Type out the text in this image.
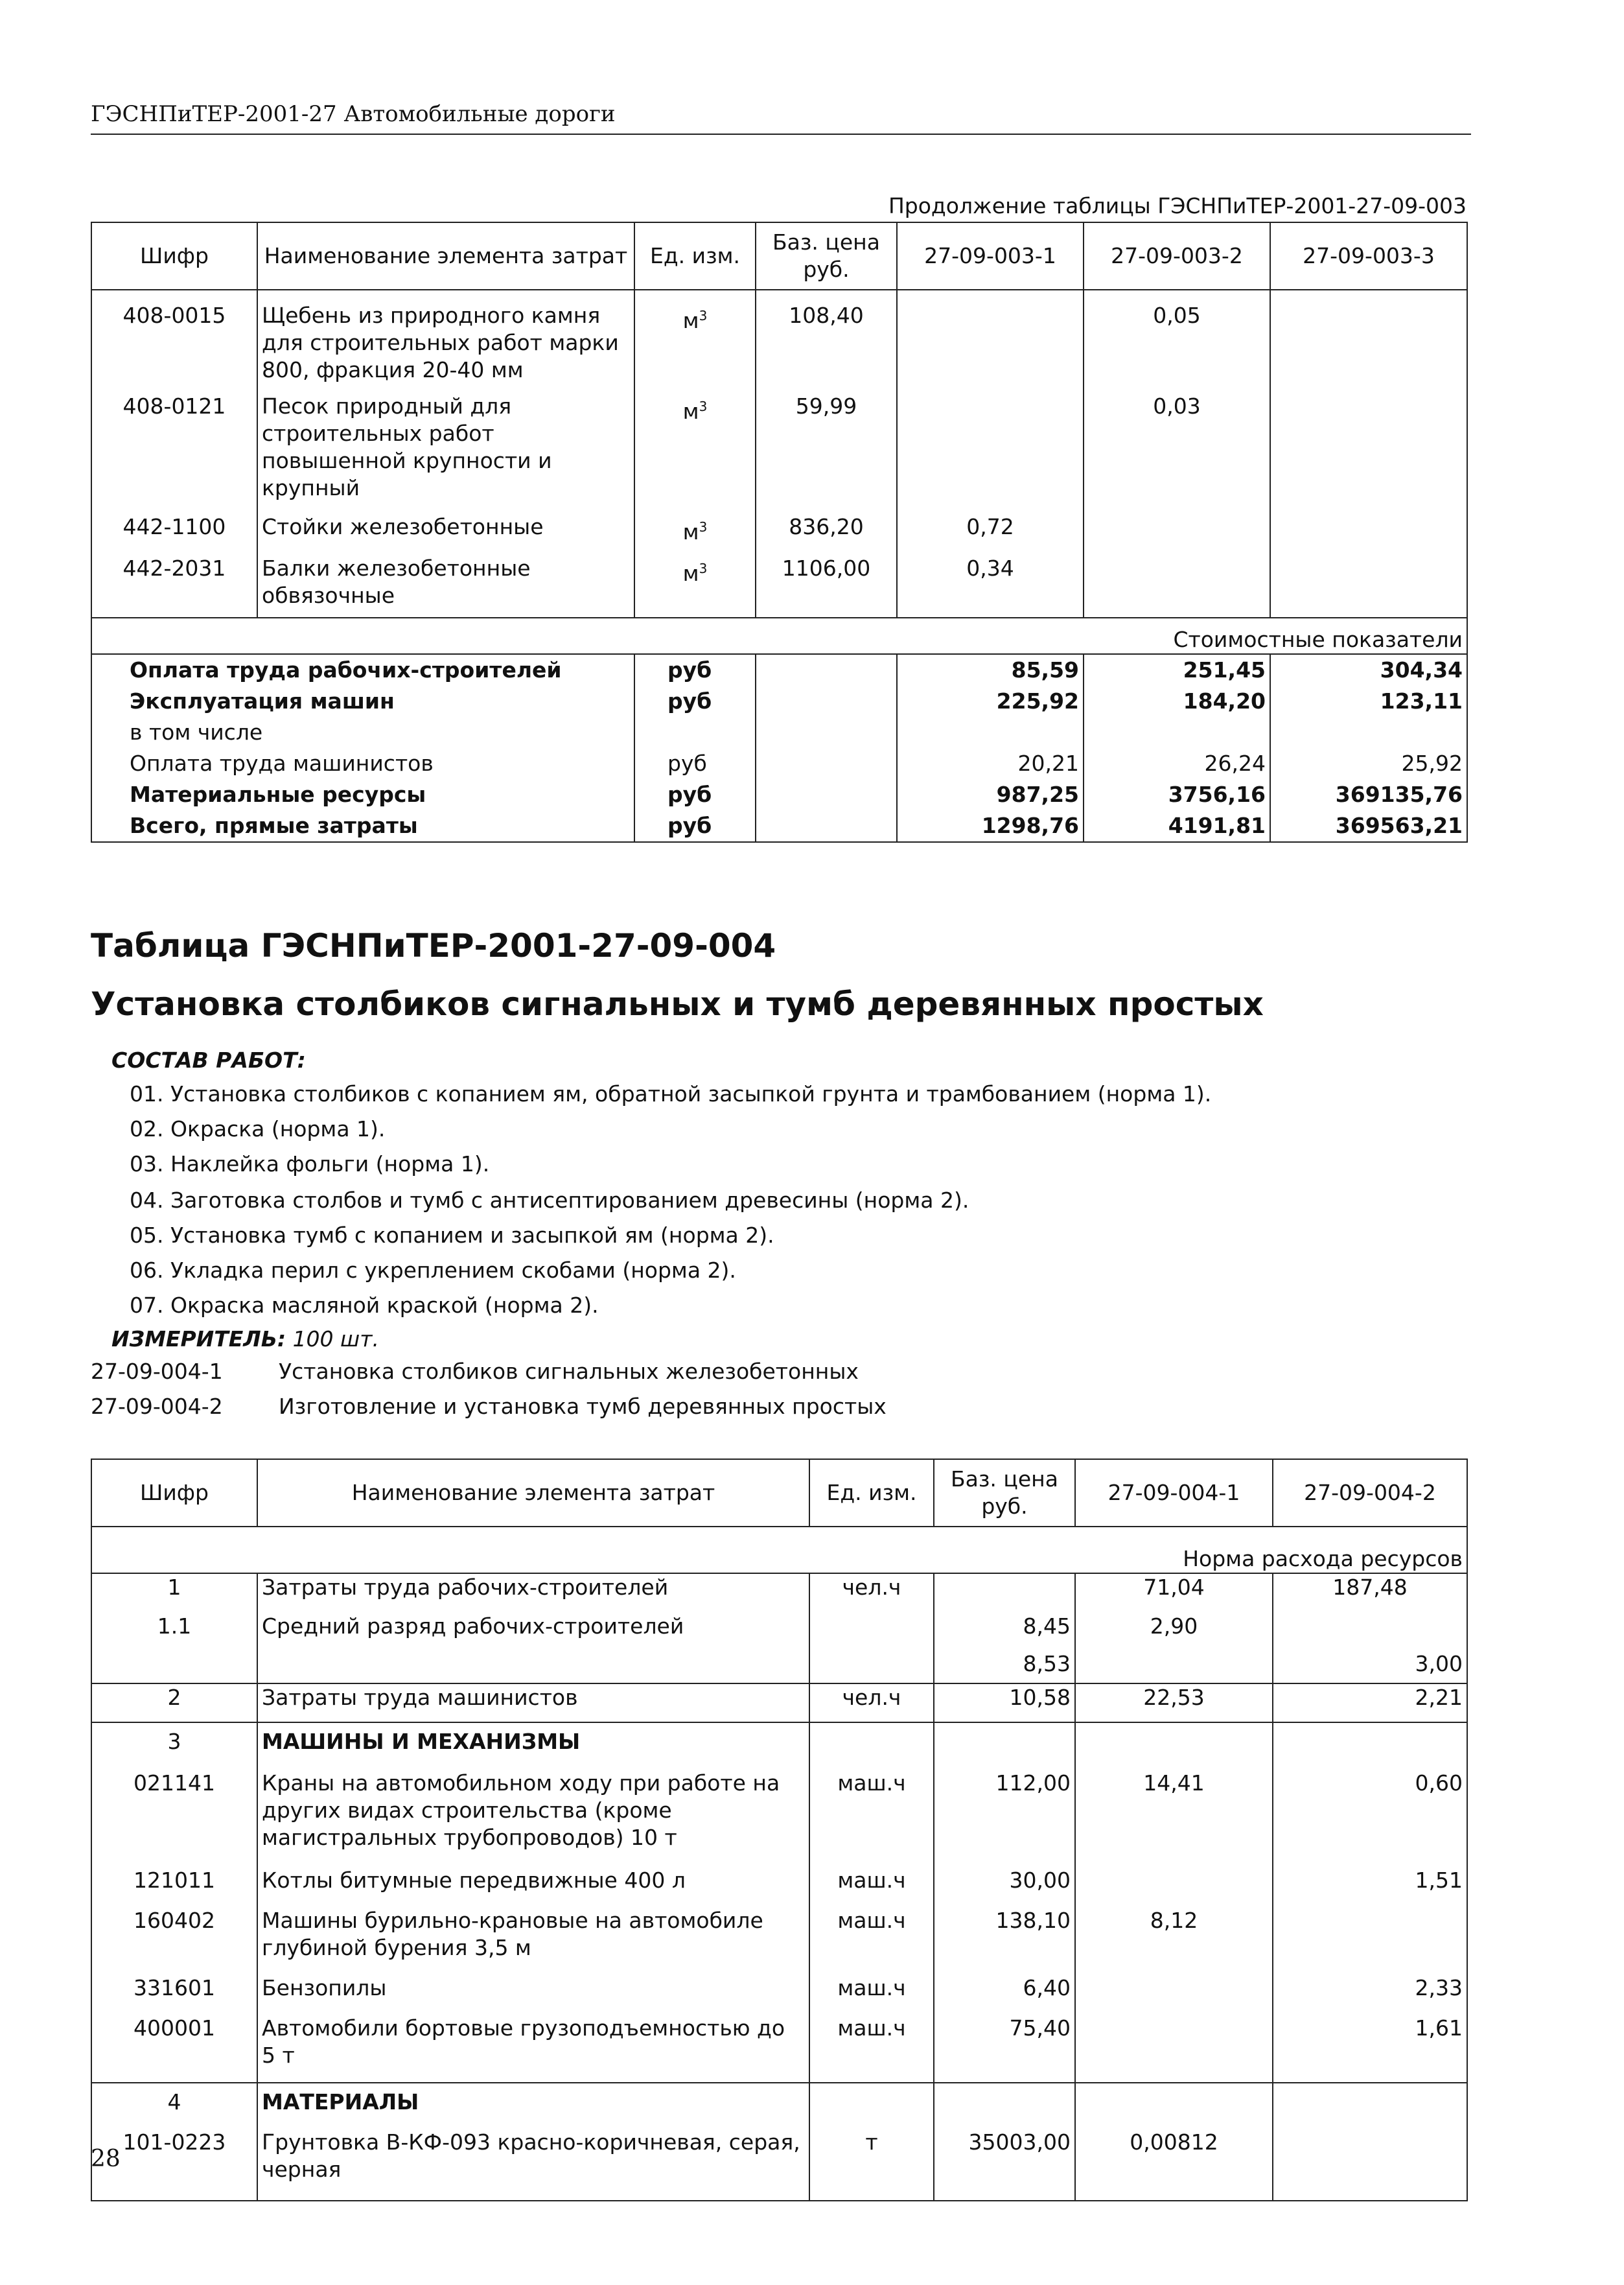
ГЭСНПиТЕР-2001-27 Автомобильные дороги
Продолжение таблицы ГЭСНПиТЕР-2001-27-09-003
Шифр	Наименование элемента затрат	Ед. изм.	Баз. цена руб.	27-09-003-1	27-09-003-2	27-09-003-3
408-0015	Щебень из природного камня для строительных работ марки 800, фракция 20-40 мм	$м^3$	108,40		0,05	
408-0121	Песок природный для строительных работ повышенной крупности и крупный	$м^3$	59,99		0,03	
442-1100	Стойки железобетонные	$м^3$	836,20	0,72		
442-2031	Балки железобетонные обвязочные	$м^3$	1106,00	0,34		
Стоимостные показатели						
Оплата труда рабочих-строителей		руб		85,59	251,45	304,34
Эксплуатация машин		руб		225,92	184,20	123,11
в том числе						
Оплата труда машинистов		руб		20,21	26,24	25,92
Материальные ресурсы		руб		987,25	3756,16	369135,76
Всего, прямые затраты		руб		1298,76	4191,81	369563,21
Таблица ГЭСНПиТЕР-2001-27-09-004
Установка столбиков сигнальных и тумб деревянных простых
СОСТАВ РАБОТ:
01. Установка столбиков с копанием ям, обратной засыпкой грунта и трамбованием (норма 1).
02. Окраска (норма 1).
03. Наклейка фольги (норма 1).
04. Заготовка столбов и тумб с антисептированием древесины (норма 2).
05. Установка тумб с копанием и засыпкой ям (норма 2).
06. Укладка перил с укреплением скобами (норма 2).
07. Окраска масляной краской (норма 2).
ИЗМЕРИТЕЛЬ: 100 шт.
27-09-004-1	Установка столбиков сигнальных железобетонных
27-09-004-2	Изготовление и установка тумб деревянных простых
Шифр	Наименование элемента затрат	Ед. изм.	Баз. цена руб.	27-09-004-1	27-09-004-2
Норма расхода ресурсов					
1	Затраты труда рабочих-строителей	чел.ч		71,04	187,48
1.1	Средний разряд рабочих-строителей		8,45	2,90	
			8,53		3,00
2	Затраты труда машинистов	чел.ч	10,58	22,53	2,21
3	МАШИНЫ И МЕХАНИЗМЫ				
021141	Краны на автомобильном ходу при работе на других видах строительства (кроме магистральных трубопроводов) 10 т	маш.ч	112,00	14,41	0,60
121011	Котлы битумные передвижные 400 л	маш.ч	30,00		1,51
160402	Машины бурильно-крановые на автомобиле глубиной бурения 3,5 м	маш.ч	138,10	8,12	
331601	Бензопилы	маш.ч	6,40		2,33
400001	Автомобили бортовые грузоподъемностью до 5 т	маш.ч	75,40		1,61
4	МАТЕРИАЛЫ				
101-0223	Грунтовка В-КФ-093 красно-коричневая, серая, черная	т	35003,00	0,00812	
28
